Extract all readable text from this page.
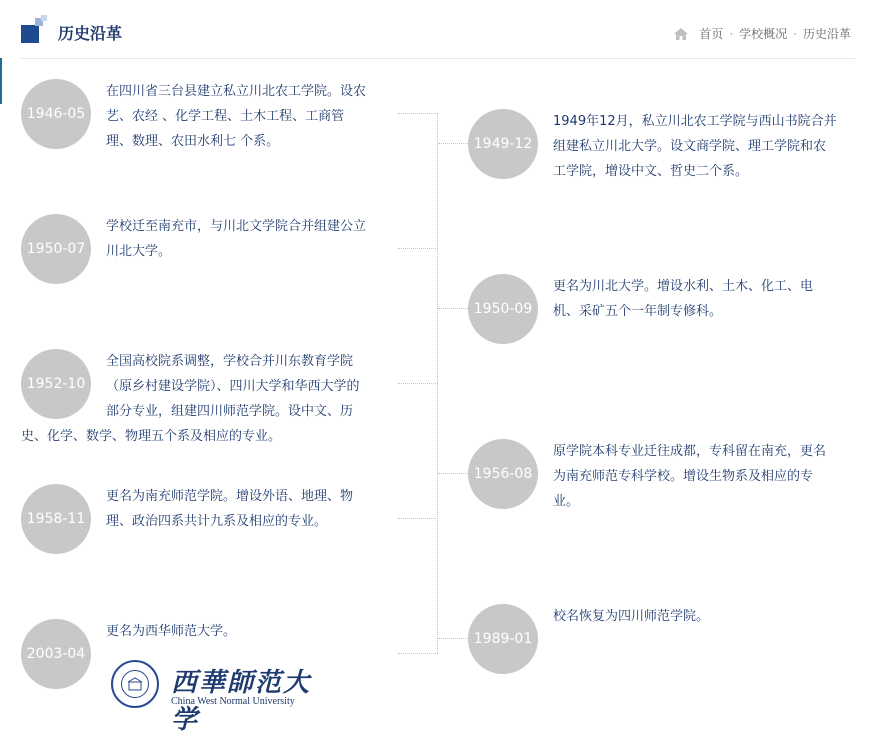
历史沿革	首页 · 学校概况 · 历史沿革
1946-05
在四川省三台县建立私立川北农工学院。设农
艺、农经 、化学工程、土木工程、工商管
理、数理、农田水利七 个系。
1950-07
学校迁至南充市，与川北文学院合并组建公立
川北大学。
1952-10
全国高校院系调整，学校合并川东教育学院
（原乡村建设学院）、四川大学和华西大学的
部分专业，组建四川师范学院。设中文、历
史、化学、数学、物理五个系及相应的专业。
1958-11
更名为南充师范学院。增设外语、地理、物
理、政治四系共计九系及相应的专业。
2003-04
更名为西华师范大学。
1949-12
1949年12月，私立川北农工学院与西山书院合并
组建私立川北大学。设文商学院、理工学院和农
工学院，增设中文、哲史二个系。
1950-09
更名为川北大学。增设水利、土木、化工、电
机、采矿五个一年制专修科。
1956-08
原学院本科专业迁往成都，专科留在南充，更名
为南充师范专科学校。增设生物系及相应的专
业。
1989-01
校名恢复为四川师范学院。
西華師范大学
China West Normal University
